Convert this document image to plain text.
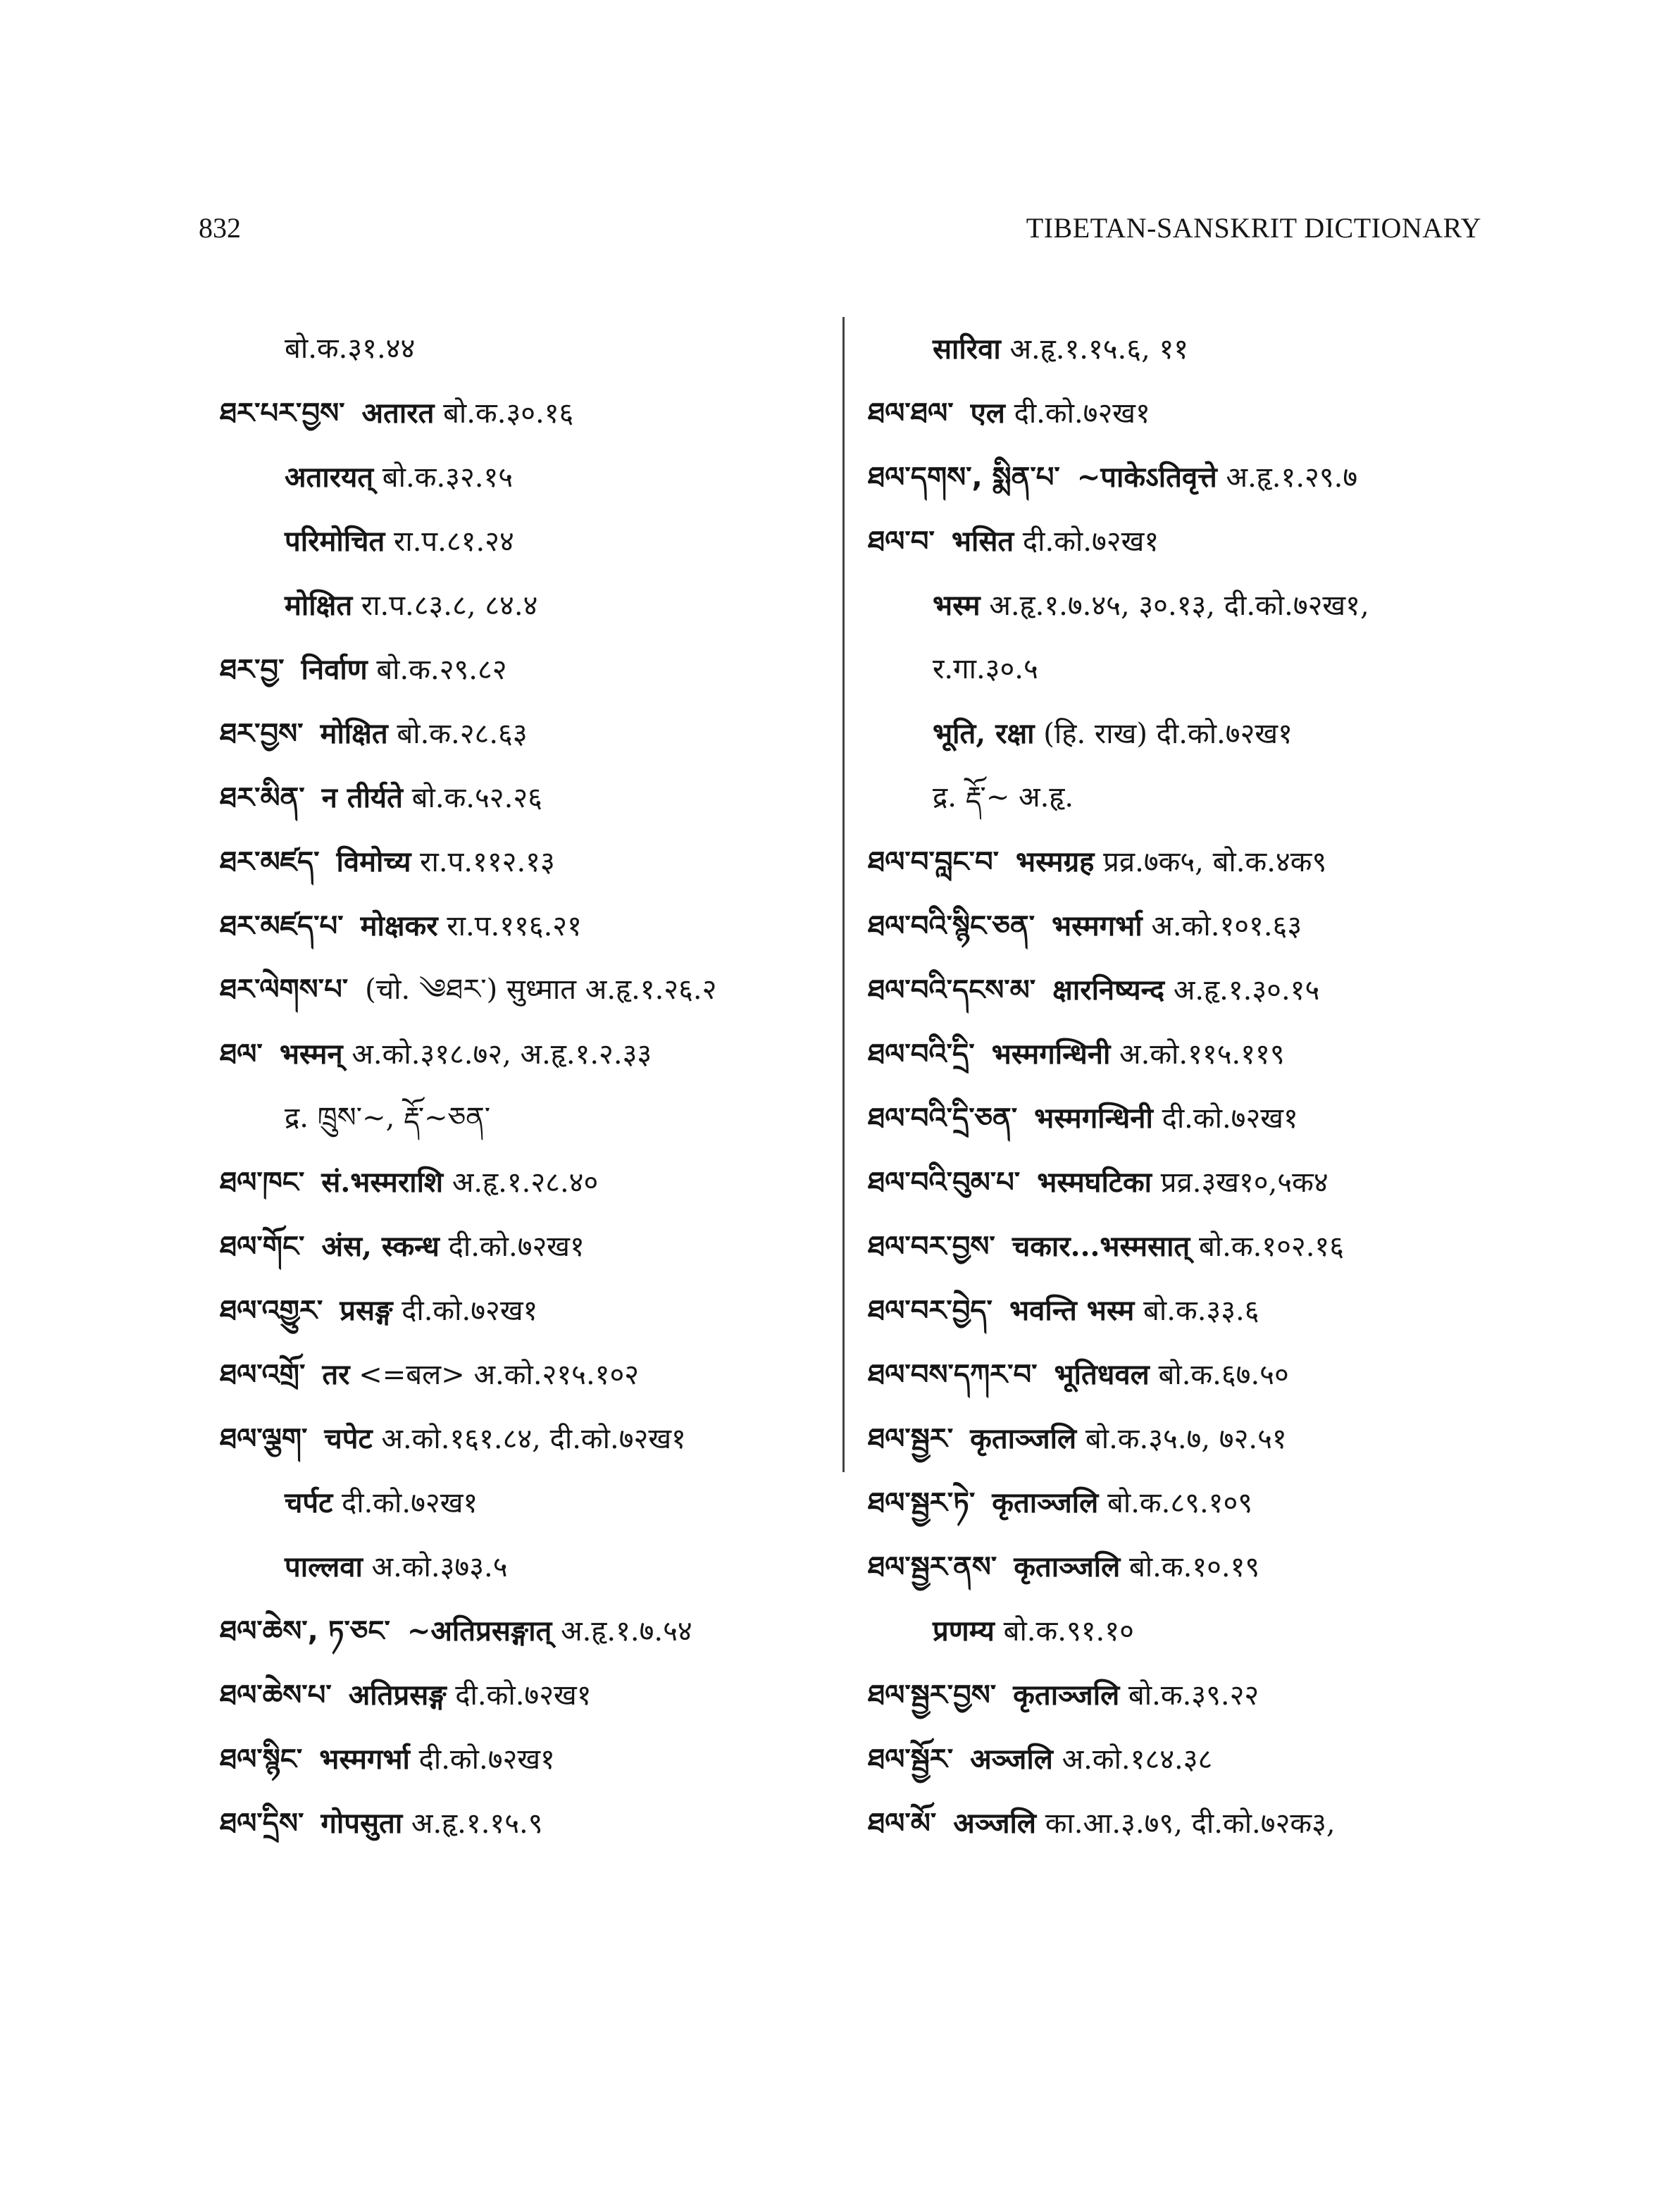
832	TIBETAN-SANSKRIT DICTIONARY
बो.क.३१.४४
ཐར་པར་བྱས་ अतारत बो.क.३०.१६
अतारयत् बो.क.३२.१५
परिमोचित रा.प.८१.२४
मोक्षित रा.प.८३.८, ८४.४
ཐར་བྱ་ निर्वाण बो.क.२९.८२
ཐར་བྱས་ मोक्षित बो.क.२८.६३
ཐར་མིན་ न तीर्यते बो.क.५२.२६
ཐར་མཛད་ विमोच्य रा.प.११२.१३
ཐར་མཛད་པ་ मोक्षकर रा.प.११६.२१
ཐར་ལེགས་པ་ (चो. ༄ཐར་) सुध्मात अ.हृ.१.२६.२
ཐལ་ भस्मन् अ.को.३१८.७२, अ.हृ.१.२.३३
द्र. ཁྲུས་~, རྡོ་~ཅན་
ཐལ་ཁང་ सं.भस्मराशि अ.हृ.१.२८.४०
ཐལ་གོང་ अंस, स्कन्ध दी.को.७२ख१
ཐལ་འགྱུར་ प्रसङ्ग दी.को.७२ख१
ཐལ་འགྲོ་ तर <=बल> अ.को.२१५.१०२
ཐལ་ལྕག་ चपेट अ.को.१६१.८४, दी.को.७२ख१
चर्पट दी.को.७२ख१
पाल्लवा अ.को.३७३.५
ཐལ་ཆེས་, ཏ་ཅང་ ~अतिप्रसङ्गात् अ.हृ.१.७.५४
ཐལ་ཆེས་པ་ अतिप्रसङ्ग दी.को.७२ख१
ཐལ་སྙིང་ भस्मगर्भा दी.को.७२ख१
ཐལ་དྲིས་ गोपसुता अ.हृ.१.१५.९
सारिवा अ.हृ.१.१५.६, ११
ཐལ་ཐལ་ एल दी.को.७२ख१
ཐལ་དགས་, སྨིན་པ་ ~पाकेऽतिवृत्ते अ.हृ.१.२९.७
ཐལ་བ་ भसित दी.को.७२ख१
भस्म अ.हृ.१.७.४५, ३०.१३, दी.को.७२ख१,
र.गा.३०.५
भूति, रक्षा (हि. राख) दी.को.७२ख१
द्र. རྡོ་~ अ.हृ.
ཐལ་བ་བླང་བ་ भस्मग्रह प्रव्र.७क५, बो.क.४क९
ཐལ་བའི་སྙིང་ཅན་ भस्मगर्भा अ.को.१०१.६३
ཐལ་བའི་དངས་མ་ क्षारनिष्यन्द अ.हृ.१.३०.१५
ཐལ་བའི་དྲི་ भस्मगन्धिनी अ.को.११५.११९
ཐལ་བའི་དྲི་ཅན་ भस्मगन्धिनी दी.को.७२ख१
ཐལ་བའི་བུམ་པ་ भस्मघटिका प्रव्र.३ख१०,५क४
ཐལ་བར་བྱས་ चकार...भस्मसात् बो.क.१०२.१६
ཐལ་བར་བྱེད་ भवन्ति भस्म बो.क.३३.६
ཐལ་བས་དཀར་བ་ भूतिधवल बो.क.६७.५०
ཐལ་སྦྱར་ कृताञ्जलि बो.क.३५.७, ७२.५१
ཐལ་སྦྱར་ཏེ་ कृताञ्जलि बो.क.८९.१०९
ཐལ་སྦྱར་ནས་ कृताञ्जलि बो.क.१०.१९
प्रणम्य बो.क.९१.१०
ཐལ་སྦྱར་བྱས་ कृताञ्जलि बो.क.३९.२२
ཐལ་སྦྱོར་ अञ्जलि अ.को.१८४.३८
ཐལ་མོ་ अञ्जलि का.आ.३.७९, दी.को.७२क३,
